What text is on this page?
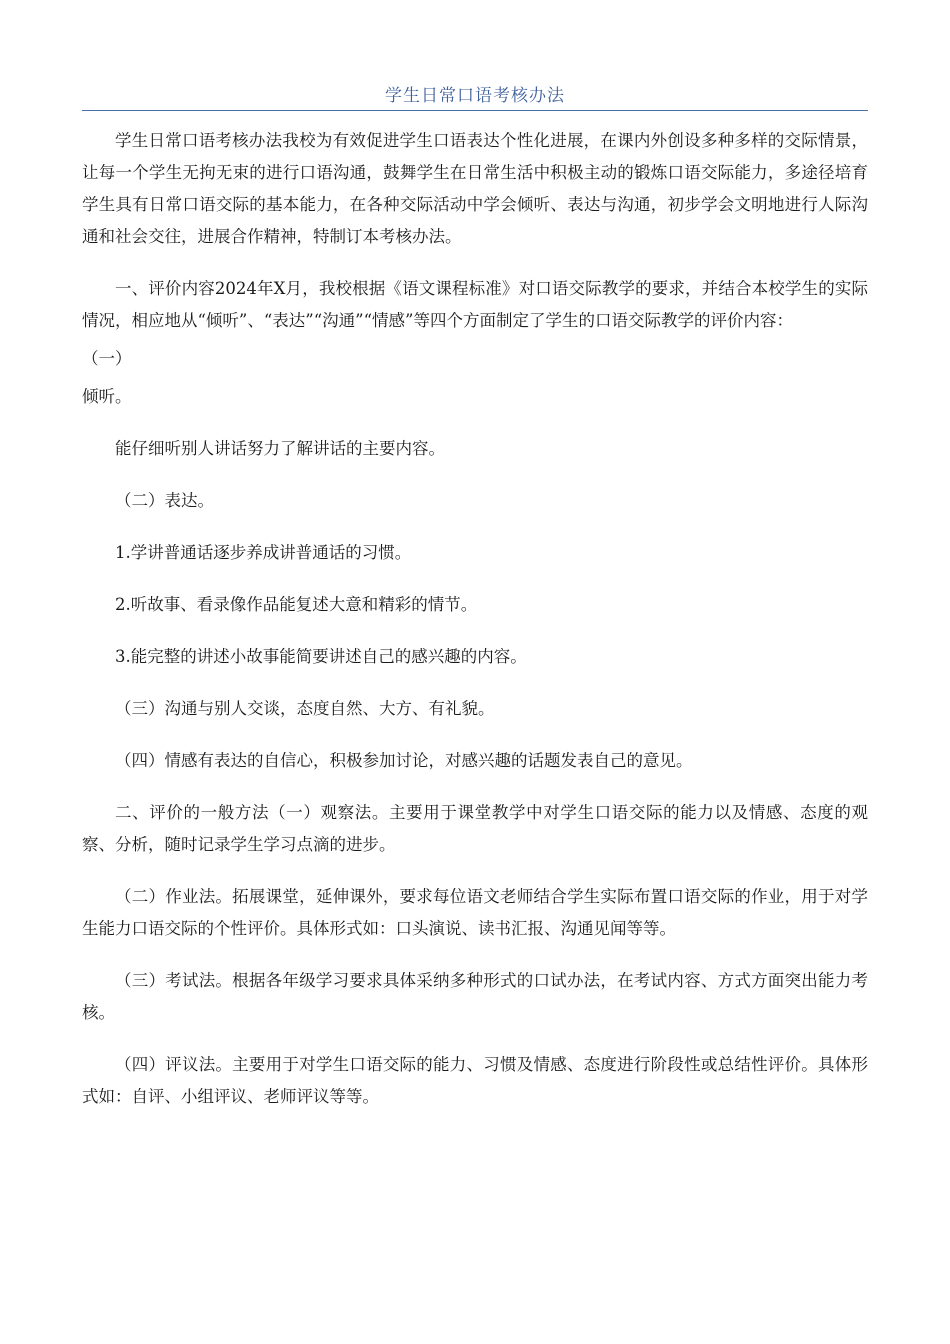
学生日常口语考核办法

学生日常口语考核办法我校为有效促进学生口语表达个性化进展，在课内外创设多种多样的交际情景，让每一个学生无拘无束的进行口语沟通，鼓舞学生在日常生活中积极主动的锻炼口语交际能力，多途径培育学生具有日常口语交际的基本能力，在各种交际活动中学会倾听、表达与沟通，初步学会文明地进行人际沟通和社会交往，进展合作精神，特制订本考核办法。

一、评价内容2024年X月，我校根据《语文课程标准》对口语交际教学的要求，并结合本校学生的实际情况，相应地从“倾听”、“表达”“沟通”“情感”等四个方面制定了学生的口语交际教学的评价内容：

（一）

倾听。

能仔细听别人讲话努力了解讲话的主要内容。

（二）表达。

1.学讲普通话逐步养成讲普通话的习惯。

2.听故事、看录像作品能复述大意和精彩的情节。

3.能完整的讲述小故事能简要讲述自己的感兴趣的内容。

（三）沟通与别人交谈，态度自然、大方、有礼貌。

（四）情感有表达的自信心，积极参加讨论，对感兴趣的话题发表自己的意见。

二、评价的一般方法（一）观察法。主要用于课堂教学中对学生口语交际的能力以及情感、态度的观察、分析，随时记录学生学习点滴的进步。

（二）作业法。拓展课堂，延伸课外，要求每位语文老师结合学生实际布置口语交际的作业，用于对学生能力口语交际的个性评价。具体形式如：口头演说、读书汇报、沟通见闻等等。

（三）考试法。根据各年级学习要求具体采纳多种形式的口试办法，在考试内容、方式方面突出能力考核。

（四）评议法。主要用于对学生口语交际的能力、习惯及情感、态度进行阶段性或总结性评价。具体形式如：自评、小组评议、老师评议等等。
